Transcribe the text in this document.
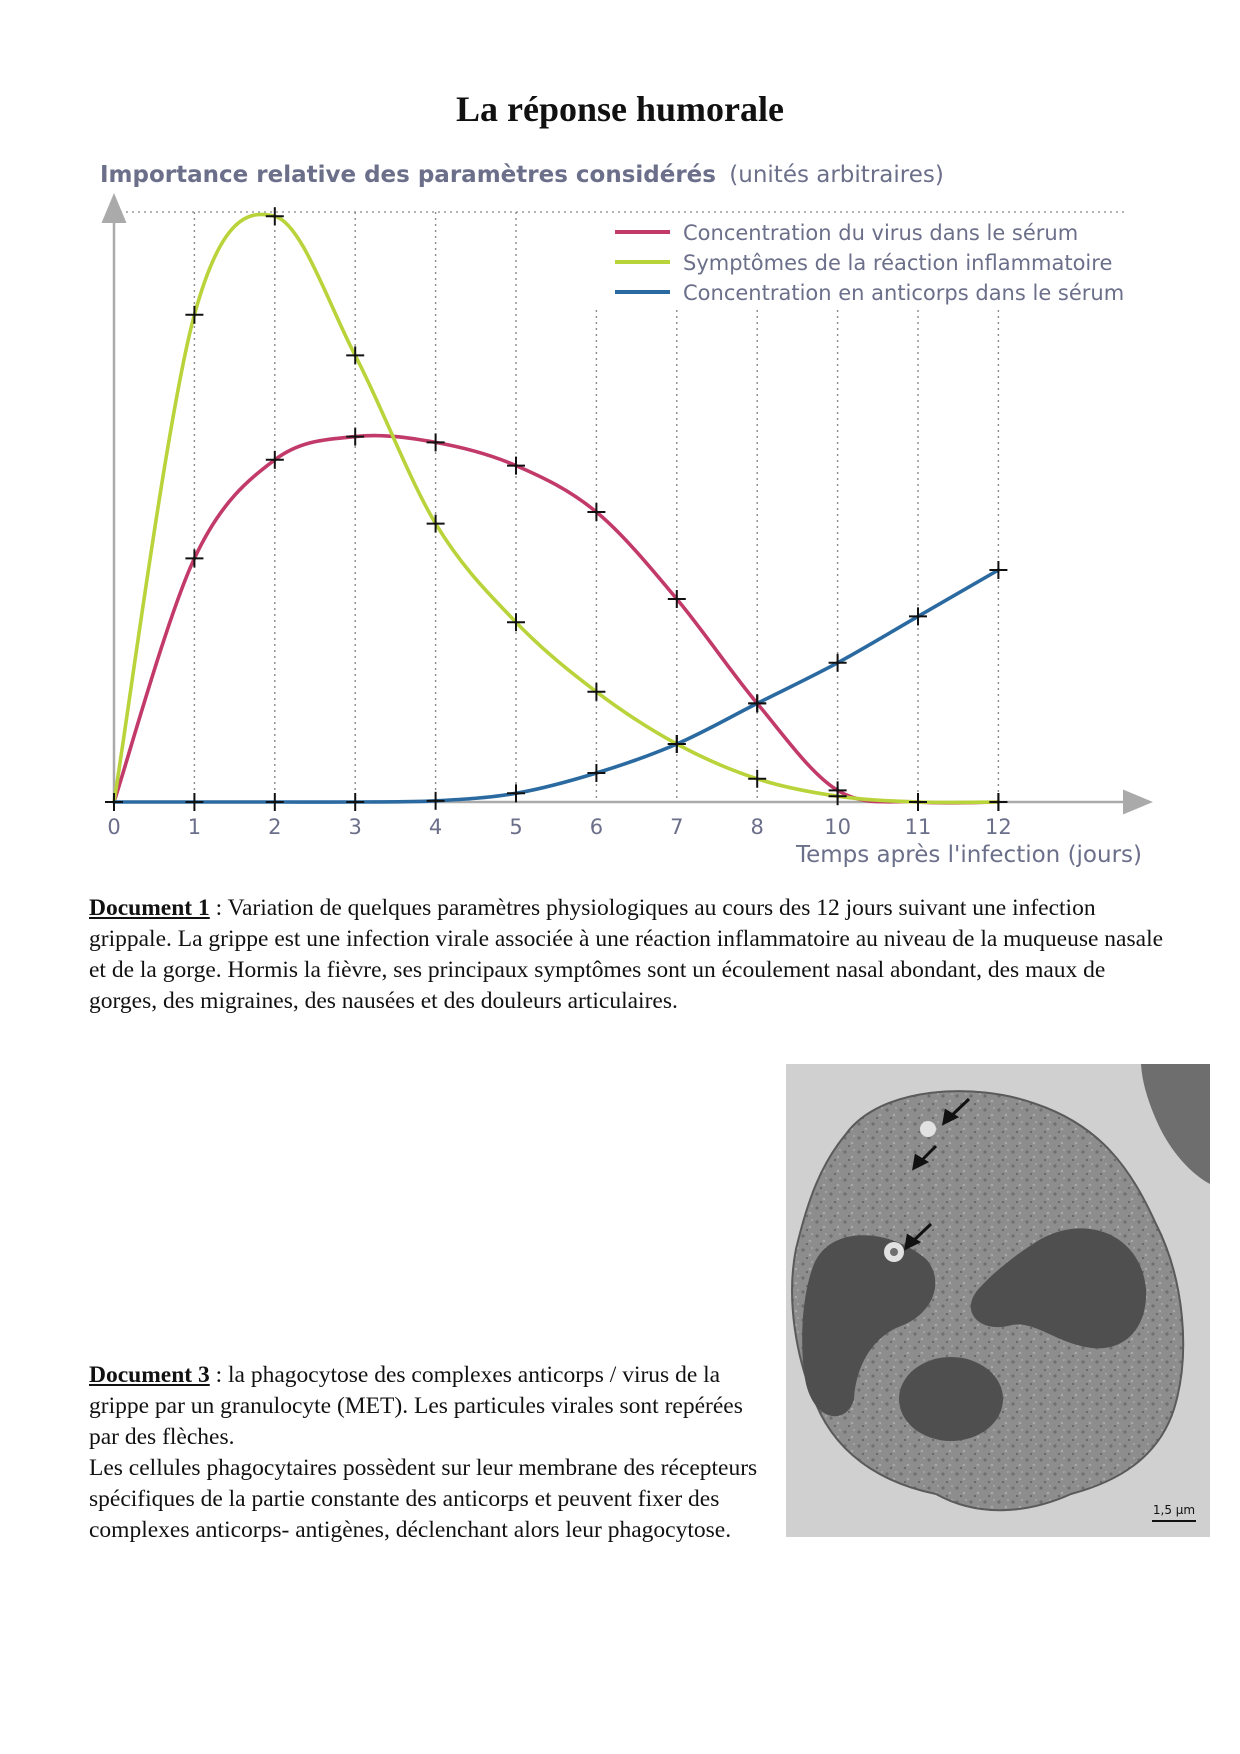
La réponse humorale
Importance relative des paramètres considérés (unités arbitraires)
0	1	2	3	4	5	6	7	8	10	11	12
Concentration du virus dans le sérum
Symptômes de la réaction inflammatoire
Concentration en anticorps dans le sérum
Temps après l'infection (jours)

Document 1 : Variation de quelques paramètres physiologiques au cours des 12 jours suivant une infection grippale. La grippe est une infection virale associée à une réaction inflammatoire au niveau de la muqueuse nasale et de la gorge. Hormis la fièvre, ses principaux symptômes sont un écoulement nasal abondant, des maux de gorges, des migraines, des nausées et des douleurs articulaires.

1,5 µm

Document 3 : la phagocytose des complexes anticorps / virus de la grippe par un granulocyte (MET). Les particules virales sont repérées par des flèches.
Les cellules phagocytaires possèdent sur leur membrane des récepteurs spécifiques de la partie constante des anticorps et peuvent fixer des complexes anticorps- antigènes, déclenchant alors leur phagocytose.
